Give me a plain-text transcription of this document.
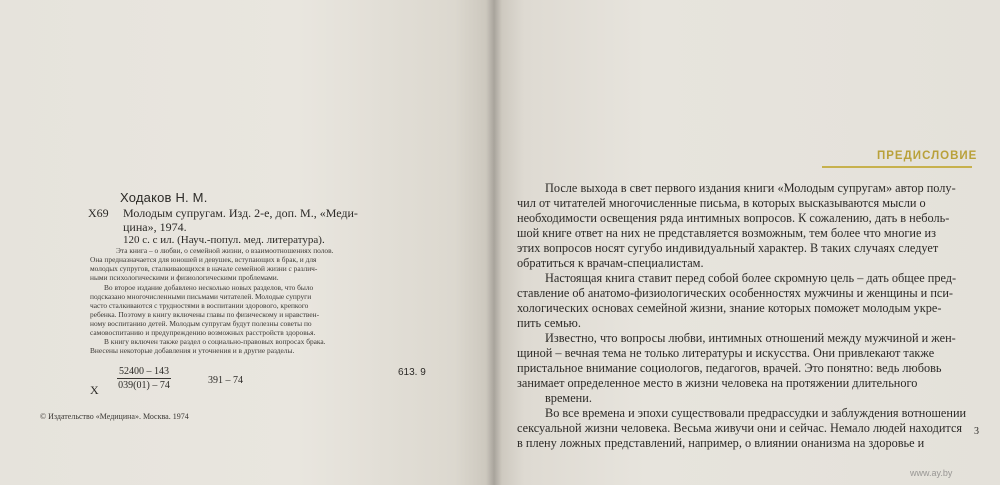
Ходаков Н. М.
X69 Молодым супругам. Изд. 2-е, доп. М., «Меди-
цина», 1974.
120 с. с ил. (Науч.-попул. мед. литература).
Эта книга – о любви, о семейной жизни, о взаимоотношениях полов.
Она предназначается для юношей и девушек, вступающих в брак, и для
молодых супругов, сталкивающихся в начале семейной жизни с различ-
ными психологическими и физиологическими проблемами.
Во второе издание добавлено несколько новых разделов, что было
подсказано многочисленными письмами читателей. Молодые супруги
часто сталкиваются с трудностями в воспитании здорового, крепкого
ребенка. Поэтому в книгу включены главы по физическому и нравствен-
ному воспитанию детей. Молодым супругам будут полезны советы по
самовоспитанию и предупреждению возможных расстройств здоровья.
В книгу включен также раздел о социально-правовых вопросах брака.
Внесены некоторые добавления и уточнения и в другие разделы.
X $\frac{52400 - 143}{039(01) - 74}$	391 – 74
613. 9
© Издательство «Медицина». Москва. 1974
ПРЕДИСЛОВИЕ
После выхода в свет первого издания книги «Молодым супругам» автор полу-
чил от читателей многочисленные письма, в которых высказываются мысли о
необходимости освещения ряда интимных вопросов. К сожалению, дать в неболь-
шой книге ответ на них не представляется возможным, тем более что многие из
этих вопросов носят сугубо индивидуальный характер. В таких случаях следует
обратиться к врачам-специалистам.
Настоящая книга ставит перед собой более скромную цель – дать общее пред-
ставление об анатомо-физиологических особенностях мужчины и женщины и пси-
хологических основах семейной жизни, знание которых поможет молодым укре-
пить семью.
Известно, что вопросы любви, интимных отношений между мужчиной и жен-
щиной – вечная тема не только литературы и искусства. Они привлекают также
пристальное внимание социологов, педагогов, врачей. Это понятно: ведь любовь
занимает определенное место в жизни человека на протяжении длительного
времени.
Во все времена и эпохи существовали предрассудки и заблуждения вотношении
сексуальной жизни человека. Весьма живучи они и сейчас. Немало людей находится
в плену ложных представлений, например, о влиянии онанизма на здоровье и
3
www.ay.by
